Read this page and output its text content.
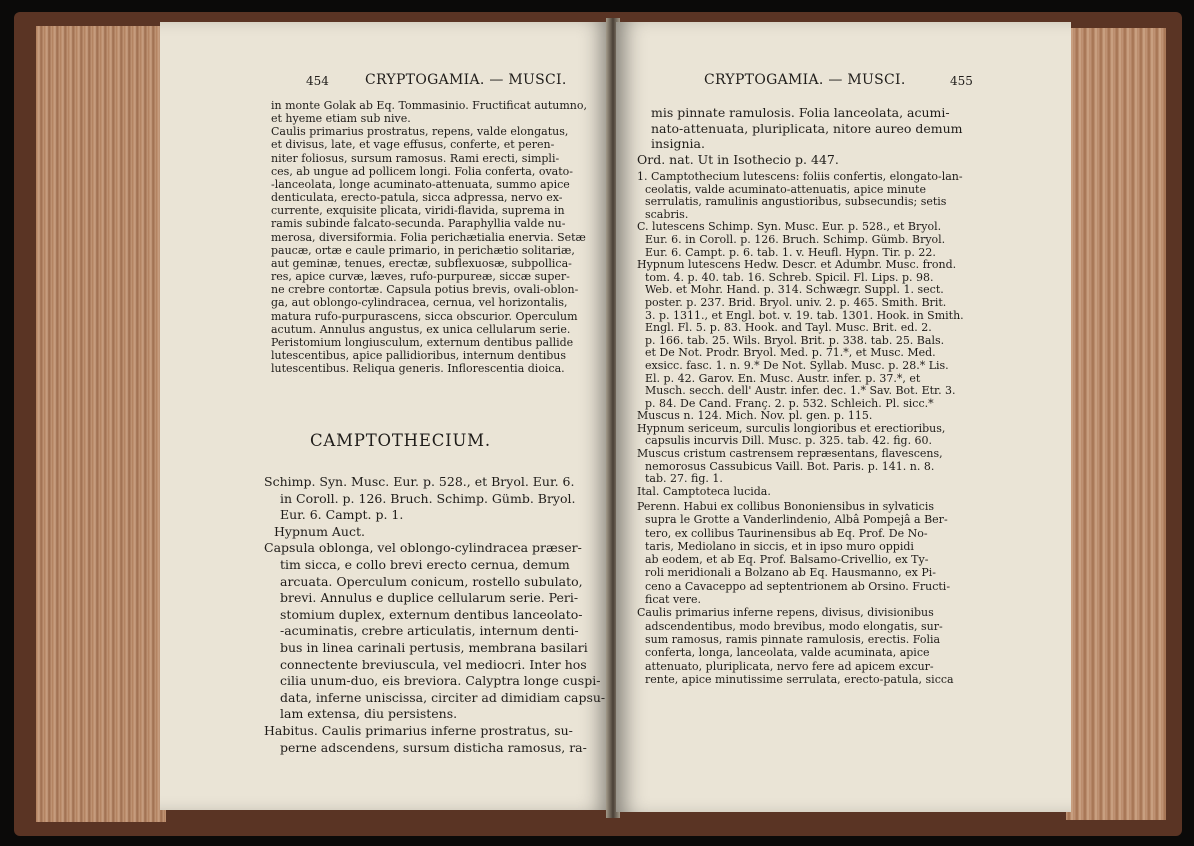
454	CRYPTOGAMIA. — MUSCI.

in monte Golak ab Eq. Tommasinio. Fructificat autumno,

et hyeme etiam sub nive.

Caulis primarius prostratus, repens, valde elongatus,

et divisus, late, et vage effusus, conferte, et peren-

niter foliosus, sursum ramosus. Rami erecti, simpli-

ces, ab ungue ad pollicem longi. Folia conferta, ovato-

-lanceolata, longe acuminato-attenuata, summo apice

denticulata, erecto-patula, sicca adpressa, nervo ex-

currente, exquisite plicata, viridi-flavida, suprema in

ramis subinde falcato-secunda. Paraphyllia valde nu-

merosa, diversiformia. Folia perichætialia enervia. Setæ

paucæ, ortæ e caule primario, in perichætio solitariæ,

aut geminæ, tenues, erectæ, subflexuosæ, subpollica-

res, apice curvæ, læves, rufo-purpureæ, siccæ super-

ne crebre contortæ. Capsula potius brevis, ovali-oblon-

ga, aut oblongo-cylindracea, cernua, vel horizontalis,

matura rufo-purpurascens, sicca obscurior. Operculum

acutum. Annulus angustus, ex unica cellularum serie.

Peristomium longiusculum, externum dentibus pallide

lutescentibus, apice pallidioribus, internum dentibus

lutescentibus. Reliqua generis. Inflorescentia dioica.

CAMPTOTHECIUM.

Schimp. Syn. Musc. Eur. p. 528., et Bryol. Eur. 6.

in Coroll. p. 126. Bruch. Schimp. Gümb. Bryol.

Eur. 6. Campt. p. 1.

Hypnum Auct.

Capsula oblonga, vel oblongo-cylindracea præser-

tim sicca, e collo brevi erecto cernua, demum

arcuata. Operculum conicum, rostello subulato,

brevi. Annulus e duplice cellularum serie. Peri-

stomium duplex, externum dentibus lanceolato-

-acuminatis, crebre articulatis, internum denti-

bus in linea carinali pertusis, membrana basilari

connectente breviuscula, vel mediocri. Inter hos

cilia unum-duo, eis breviora. Calyptra longe cuspi-

data, inferne uniscissa, circiter ad dimidiam capsu-

lam extensa, diu persistens.

Habitus. Caulis primarius inferne prostratus, su-

perne adscendens, sursum disticha ramosus, ra-

CRYPTOGAMIA. — MUSCI.	455

mis pinnate ramulosis. Folia lanceolata, acumi-

nato-attenuata, pluriplicata, nitore aureo demum

insignia.

Ord. nat. Ut in Isothecio p. 447.

1. Camptothecium lutescens: foliis confertis, elongato-lan-

ceolatis, valde acuminato-attenuatis, apice minute

serrulatis, ramulinis angustioribus, subsecundis; setis

scabris.

C. lutescens Schimp. Syn. Musc. Eur. p. 528., et Bryol.

Eur. 6. in Coroll. p. 126. Bruch. Schimp. Gümb. Bryol.

Eur. 6. Campt. p. 6. tab. 1. v. Heufl. Hypn. Tir. p. 22.

Hypnum lutescens Hedw. Descr. et Adumbr. Musc. frond.

tom. 4. p. 40. tab. 16. Schreb. Spicil. Fl. Lips. p. 98.

Web. et Mohr. Hand. p. 314. Schwægr. Suppl. 1. sect.

poster. p. 237. Brid. Bryol. univ. 2. p. 465. Smith. Brit.

3. p. 1311., et Engl. bot. v. 19. tab. 1301. Hook. in Smith.

Engl. Fl. 5. p. 83. Hook. and Tayl. Musc. Brit. ed. 2.

p. 166. tab. 25. Wils. Bryol. Brit. p. 338. tab. 25. Bals.

et De Not. Prodr. Bryol. Med. p. 71.*, et Musc. Med.

exsicc. fasc. 1. n. 9.* De Not. Syllab. Musc. p. 28.* Lis.

El. p. 42. Garov. En. Musc. Austr. infer. p. 37.*, et

Musch. secch. dell' Austr. infer. dec. 1.* Sav. Bot. Etr. 3.

p. 84. De Cand. Franç. 2. p. 532. Schleich. Pl. sicc.*

Muscus n. 124. Mich. Nov. pl. gen. p. 115.

Hypnum sericeum, surculis longioribus et erectioribus,

capsulis incurvis Dill. Musc. p. 325. tab. 42. fig. 60.

Muscus cristum castrensem repræsentans, flavescens,

nemorosus Cassubicus Vaill. Bot. Paris. p. 141. n. 8.

tab. 27. fig. 1.

Ital. Camptoteca lucida.

Perenn. Habui ex collibus Bononiensibus in sylvaticis

supra le Grotte a Vanderlindenio, Albâ Pompejâ a Ber-

tero, ex collibus Taurinensibus ab Eq. Prof. De No-

taris, Mediolano in siccis, et in ipso muro oppidi

ab eodem, et ab Eq. Prof. Balsamo-Crivellio, ex Ty-

roli meridionali a Bolzano ab Eq. Hausmanno, ex Pi-

ceno a Cavaceppo ad septentrionem ab Orsino. Fructi-

ficat vere.

Caulis primarius inferne repens, divisus, divisionibus

adscendentibus, modo brevibus, modo elongatis, sur-

sum ramosus, ramis pinnate ramulosis, erectis. Folia

conferta, longa, lanceolata, valde acuminata, apice

attenuato, pluriplicata, nervo fere ad apicem excur-

rente, apice minutissime serrulata, erecto-patula, sicca
